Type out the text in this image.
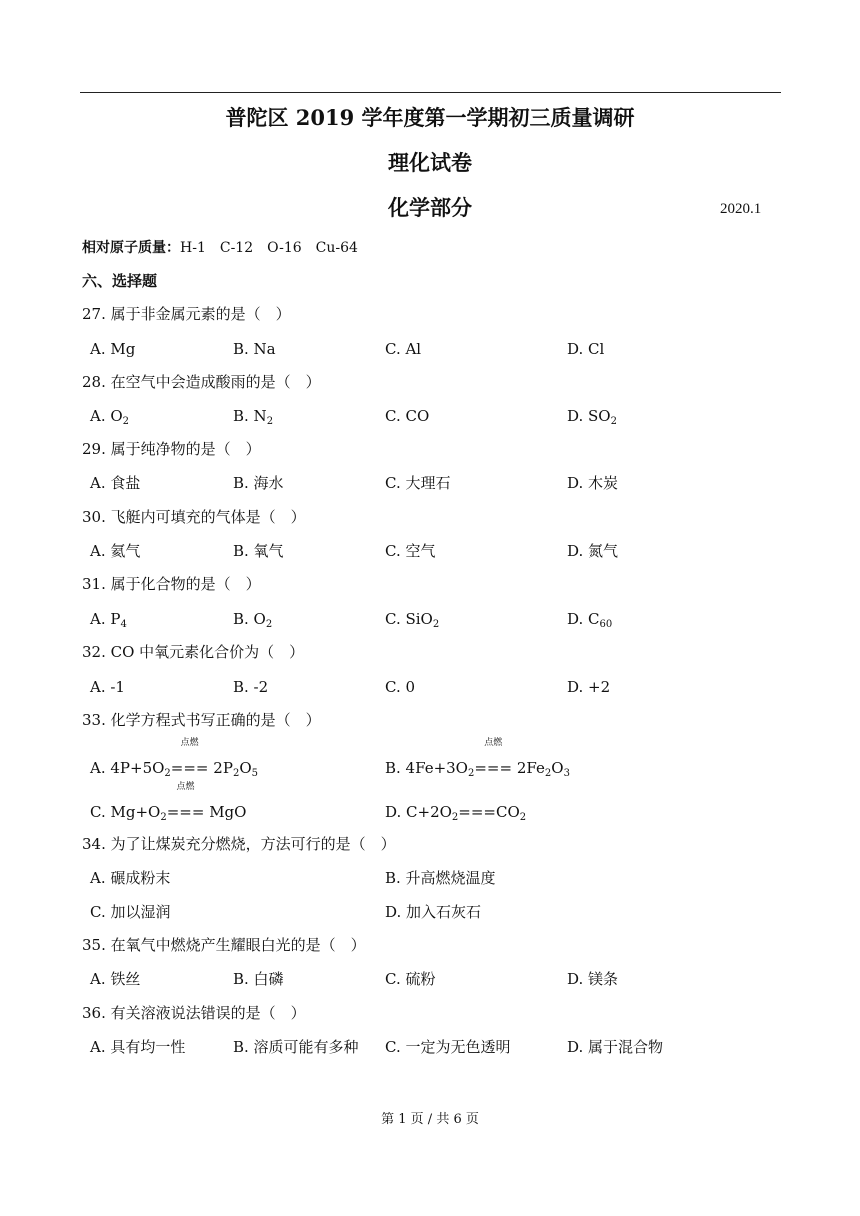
普陀区 2019 学年度第一学期初三质量调研
理化试卷
化学部分	2020.1
相对原子质量：H-1 C-12 O-16 Cu-64
六、选择题
27. 属于非金属元素的是（　）
A. Mg	B. Na	C. Al	D. Cl
28. 在空气中会造成酸雨的是（　）
A. $O_2$	B. $N_2$	C. CO	D. $SO_2$
29. 属于纯净物的是（　）
A. 食盐	B. 海水	C. 大理石	D. 木炭
30. 飞艇内可填充的气体是（　）
A. 氦气	B. 氧气	C. 空气	D. 氮气
31. 属于化合物的是（　）
A. $P_4$	B. $O_2$	C. SiO$_2$	D. $C_{60}$
32. CO 中氧元素化合价为（　）
A. -1	B. -2	C. 0	D. +2
33. 化学方程式书写正确的是（　）
A. $4P+5O_2$
点燃
=== $2P_2O_5$	B. $4Fe+3O_2$
点燃
=== $2Fe_2O_3$
C. $Mg+O_2$
点燃
=== MgO	D. $C+2O_2===CO_2$
34. 为了让煤炭充分燃烧，方法可行的是（　）
A. 碾成粉末	B. 升高燃烧温度
C. 加以湿润	D. 加入石灰石
35. 在氧气中燃烧产生耀眼白光的是（　）
A. 铁丝	B. 白磷	C. 硫粉	D. 镁条
36. 有关溶液说法错误的是（　）
A. 具有均一性	B. 溶质可能有多种 C. 一定为无色透明	D. 属于混合物
第 1 页 / 共 6 页
